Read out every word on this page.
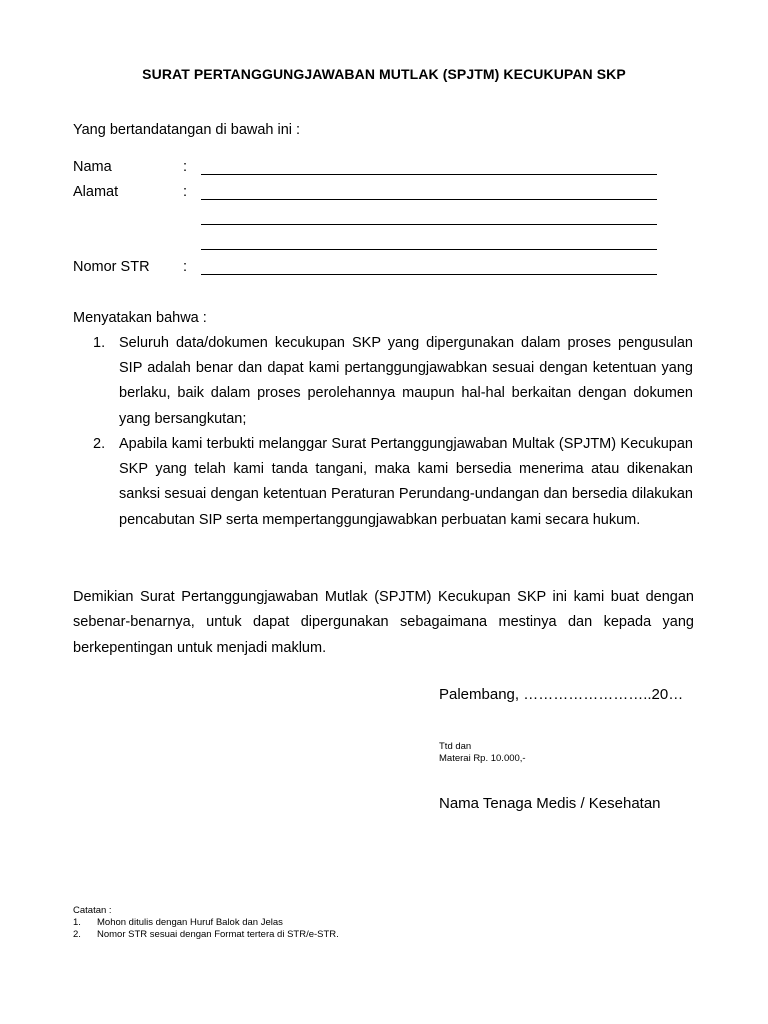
SURAT PERTANGGUNGJAWABAN MUTLAK (SPJTM) KECUKUPAN SKP
Yang bertandatangan di bawah ini :
Nama	:
Alamat	:
Nomor STR :
Menyatakan bahwa :
1. Seluruh data/dokumen kecukupan SKP yang dipergunakan dalam proses pengusulan SIP adalah benar dan dapat kami pertanggungjawabkan sesuai dengan ketentuan yang berlaku, baik dalam proses perolehannya maupun hal-hal berkaitan dengan dokumen yang bersangkutan;
2. Apabila kami terbukti melanggar Surat Pertanggungjawaban Multak (SPJTM) Kecukupan SKP yang telah kami tanda tangani, maka kami bersedia menerima atau dikenakan sanksi sesuai dengan ketentuan Peraturan Perundang-undangan dan bersedia dilakukan pencabutan SIP serta mempertanggungjawabkan perbuatan kami secara hukum.
Demikian Surat Pertanggungjawaban Mutlak (SPJTM) Kecukupan SKP ini kami buat dengan sebenar-benarnya, untuk dapat dipergunakan sebagaimana mestinya dan kepada yang berkepentingan untuk menjadi maklum.
Palembang, ……………………..20…
Ttd dan
Materai Rp. 10.000,-
Nama Tenaga Medis / Kesehatan
Catatan :
1. Mohon ditulis dengan Huruf Balok dan Jelas
2. Nomor STR sesuai dengan Format tertera di STR/e-STR.
